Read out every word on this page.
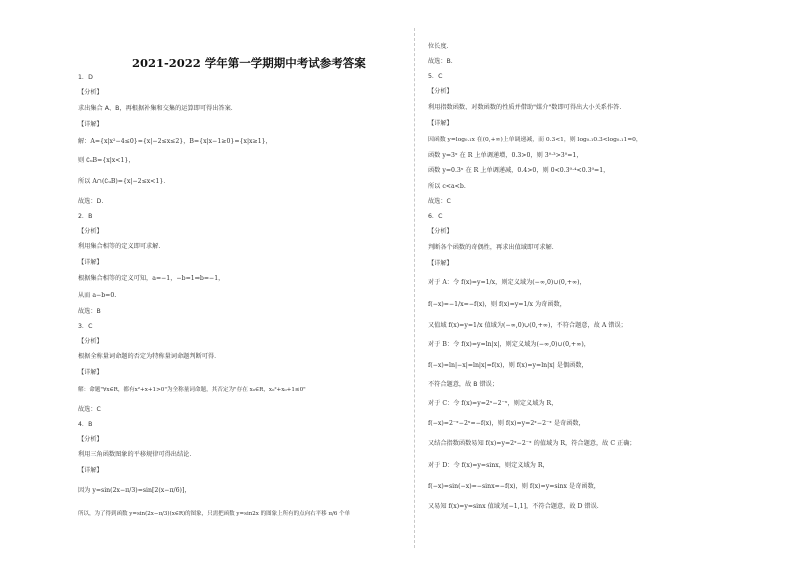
2021-2022 学年第一学期期中考试参考答案
1．D
【分析】
求出集合 A、B，再根据补集和交集的运算即可得出答案.
【详解】
解：A={x|x²−4≤0}={x|−2≤x≤2}，B={x|x−1≥0}={x|x≥1}，
则 ∁ᵤB={x|x<1}，
所以 A∩(∁ᵤB)={x|−2≤x<1}．
故选：D.
2．B
【分析】
利用集合相等的定义即可求解.
【详解】
根据集合相等的定义可知，a=−1，−b=1⇒b=−1，
从而 a−b=0.
故选：B
3．C
【分析】
根据全称量词命题的否定为特称量词命题判断可得.
【详解】
解：命题"∀x∈R，都有x²+x+1>0"为全称量词命题，其否定为"存在 x₀∈R，x₀²+x₀+1≤0"
故选：C
4．B
【分析】
利用三角函数图象的平移规律可得出结论.
【详解】
因为 y=sin(2x−π/3)=sin[2(x−π/6)]，
所以，为了得到函数 y=sin(2x−π/3)(x∈R)的图象，只需把函数 y=sin2x 的图象上所有的点向右平移 π/6 个单
位长度.
故选：B.
5．C
【分析】
利用指数函数、对数函数的性质并借助"媒介"数即可得出大小关系作答.
【详解】
因函数 y=log₀.₁x 在(0,+∞)上单调递减，而 0.3<1，则 log₀.₁0.3<log₀.₁1=0，
函数 y=3ˣ 在 R 上单调递增，0.3>0，则 3⁰·³>3⁰=1，
函数 y=0.3ˣ 在 R 上单调递减，0.4>0，则 0<0.3⁰·⁴<0.3⁰=1，
所以 c<a<b.
故选：C
6．C
【分析】
判断各个函数的奇偶性，再求出值域即可求解.
【详解】
对于 A：令 f(x)=y=1/x，则定义域为(−∞,0)∪(0,+∞)，
f(−x)=−1/x=−f(x)，则 f(x)=y=1/x 为奇函数，
又值域 f(x)=y=1/x 值域为(−∞,0)∪(0,+∞)，不符合题意，故 A 错误；
对于 B：令 f(x)=y=ln|x|，则定义域为(−∞,0)∪(0,+∞)，
f(−x)=ln|−x|=ln|x|=f(x)，则 f(x)=y=ln|x| 是偶函数，
不符合题意，故 B 错误；
对于 C：令 f(x)=y=2ˣ−2⁻ˣ，则定义域为 R，
f(−x)=2⁻ˣ−2ˣ=−f(x)，则 f(x)=y=2ˣ−2⁻ˣ 是奇函数，
又结合指数函数易知 f(x)=y=2ˣ−2⁻ˣ 的值域为 R，符合题意，故 C 正确；
对于 D：令 f(x)=y=sinx，则定义域为 R，
f(−x)=sin(−x)=−sinx=−f(x)，则 f(x)=y=sinx 是奇函数，
又易知 f(x)=y=sinx 值域为[−1,1]，不符合题意，故 D 错误.
